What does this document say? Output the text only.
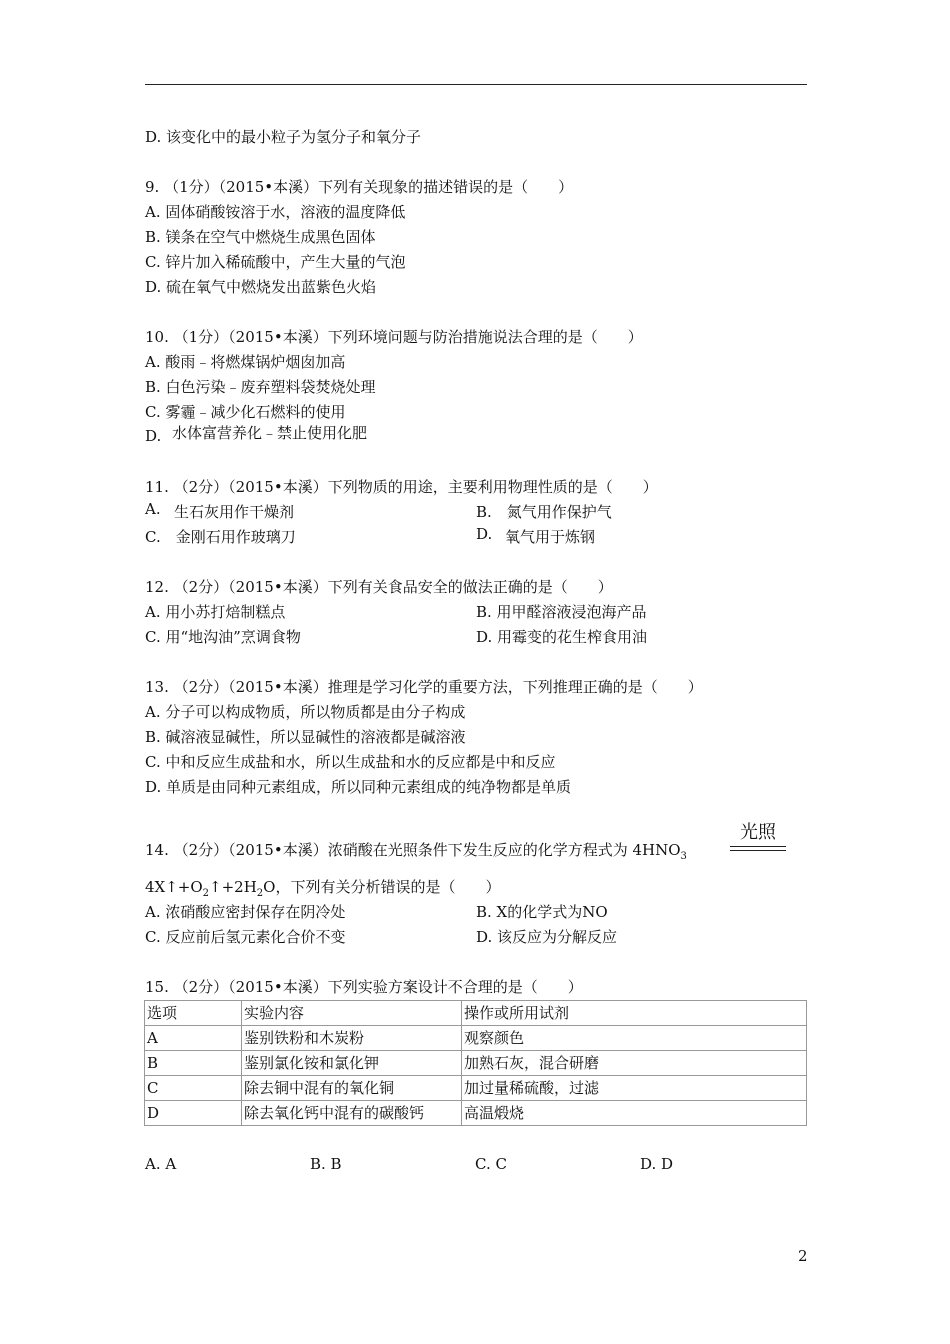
D. 该变化中的最小粒子为氢分子和氧分子
9. （1分）（2015•本溪）下列有关现象的描述错误的是（　　）
A. 固体硝酸铵溶于水，溶液的温度降低
B. 镁条在空气中燃烧生成黑色固体
C. 锌片加入稀硫酸中，产生大量的气泡
D. 硫在氧气中燃烧发出蓝紫色火焰
10. （1分）（2015•本溪）下列环境问题与防治措施说法合理的是（　　）
A. 酸雨﹣将燃煤锅炉烟囱加高
B. 白色污染﹣废弃塑料袋焚烧处理
C. 雾霾﹣减少化石燃料的使用
D. 水体富营养化﹣禁止使用化肥
11. （2分）（2015•本溪）下列物质的用途，主要利用物理性质的是（　　）
A. 生石灰用作干燥剂	B.　氮气用作保护气
C.　金刚石用作玻璃刀	D. 氧气用于炼钢
12. （2分）（2015•本溪）下列有关食品安全的做法正确的是（　　）
A. 用小苏打焙制糕点	B. 用甲醛溶液浸泡海产品
C. 用“地沟油”烹调食物	D. 用霉变的花生榨食用油
13. （2分）（2015•本溪）推理是学习化学的重要方法，下列推理正确的是（　　）
A. 分子可以构成物质，所以物质都是由分子构成
B. 碱溶液显碱性，所以显碱性的溶液都是碱溶液
C. 中和反应生成盐和水，所以生成盐和水的反应都是中和反应
D. 单质是由同种元素组成，所以同种元素组成的纯净物都是单质
14. （2分）（2015•本溪）浓硝酸在光照条件下发生反应的化学方程式为 $4HNO_3$
光照
$4X↑+O_2↑+2H_2O$，下列有关分析错误的是（　　）
A. 浓硝酸应密封保存在阴冷处	B. X的化学式为NO
C. 反应前后氢元素化合价不变	D. 该反应为分解反应
15. （2分）（2015•本溪）下列实验方案设计不合理的是（　　）
选项	实验内容	操作或所用试剂
A	鉴别铁粉和木炭粉	观察颜色
B	鉴别氯化铵和氯化钾	加熟石灰，混合研磨
C	除去铜中混有的氧化铜	加过量稀硫酸，过滤
D	除去氧化钙中混有的碳酸钙	高温煅烧
A. A	B. B	C. C	D. D
2
